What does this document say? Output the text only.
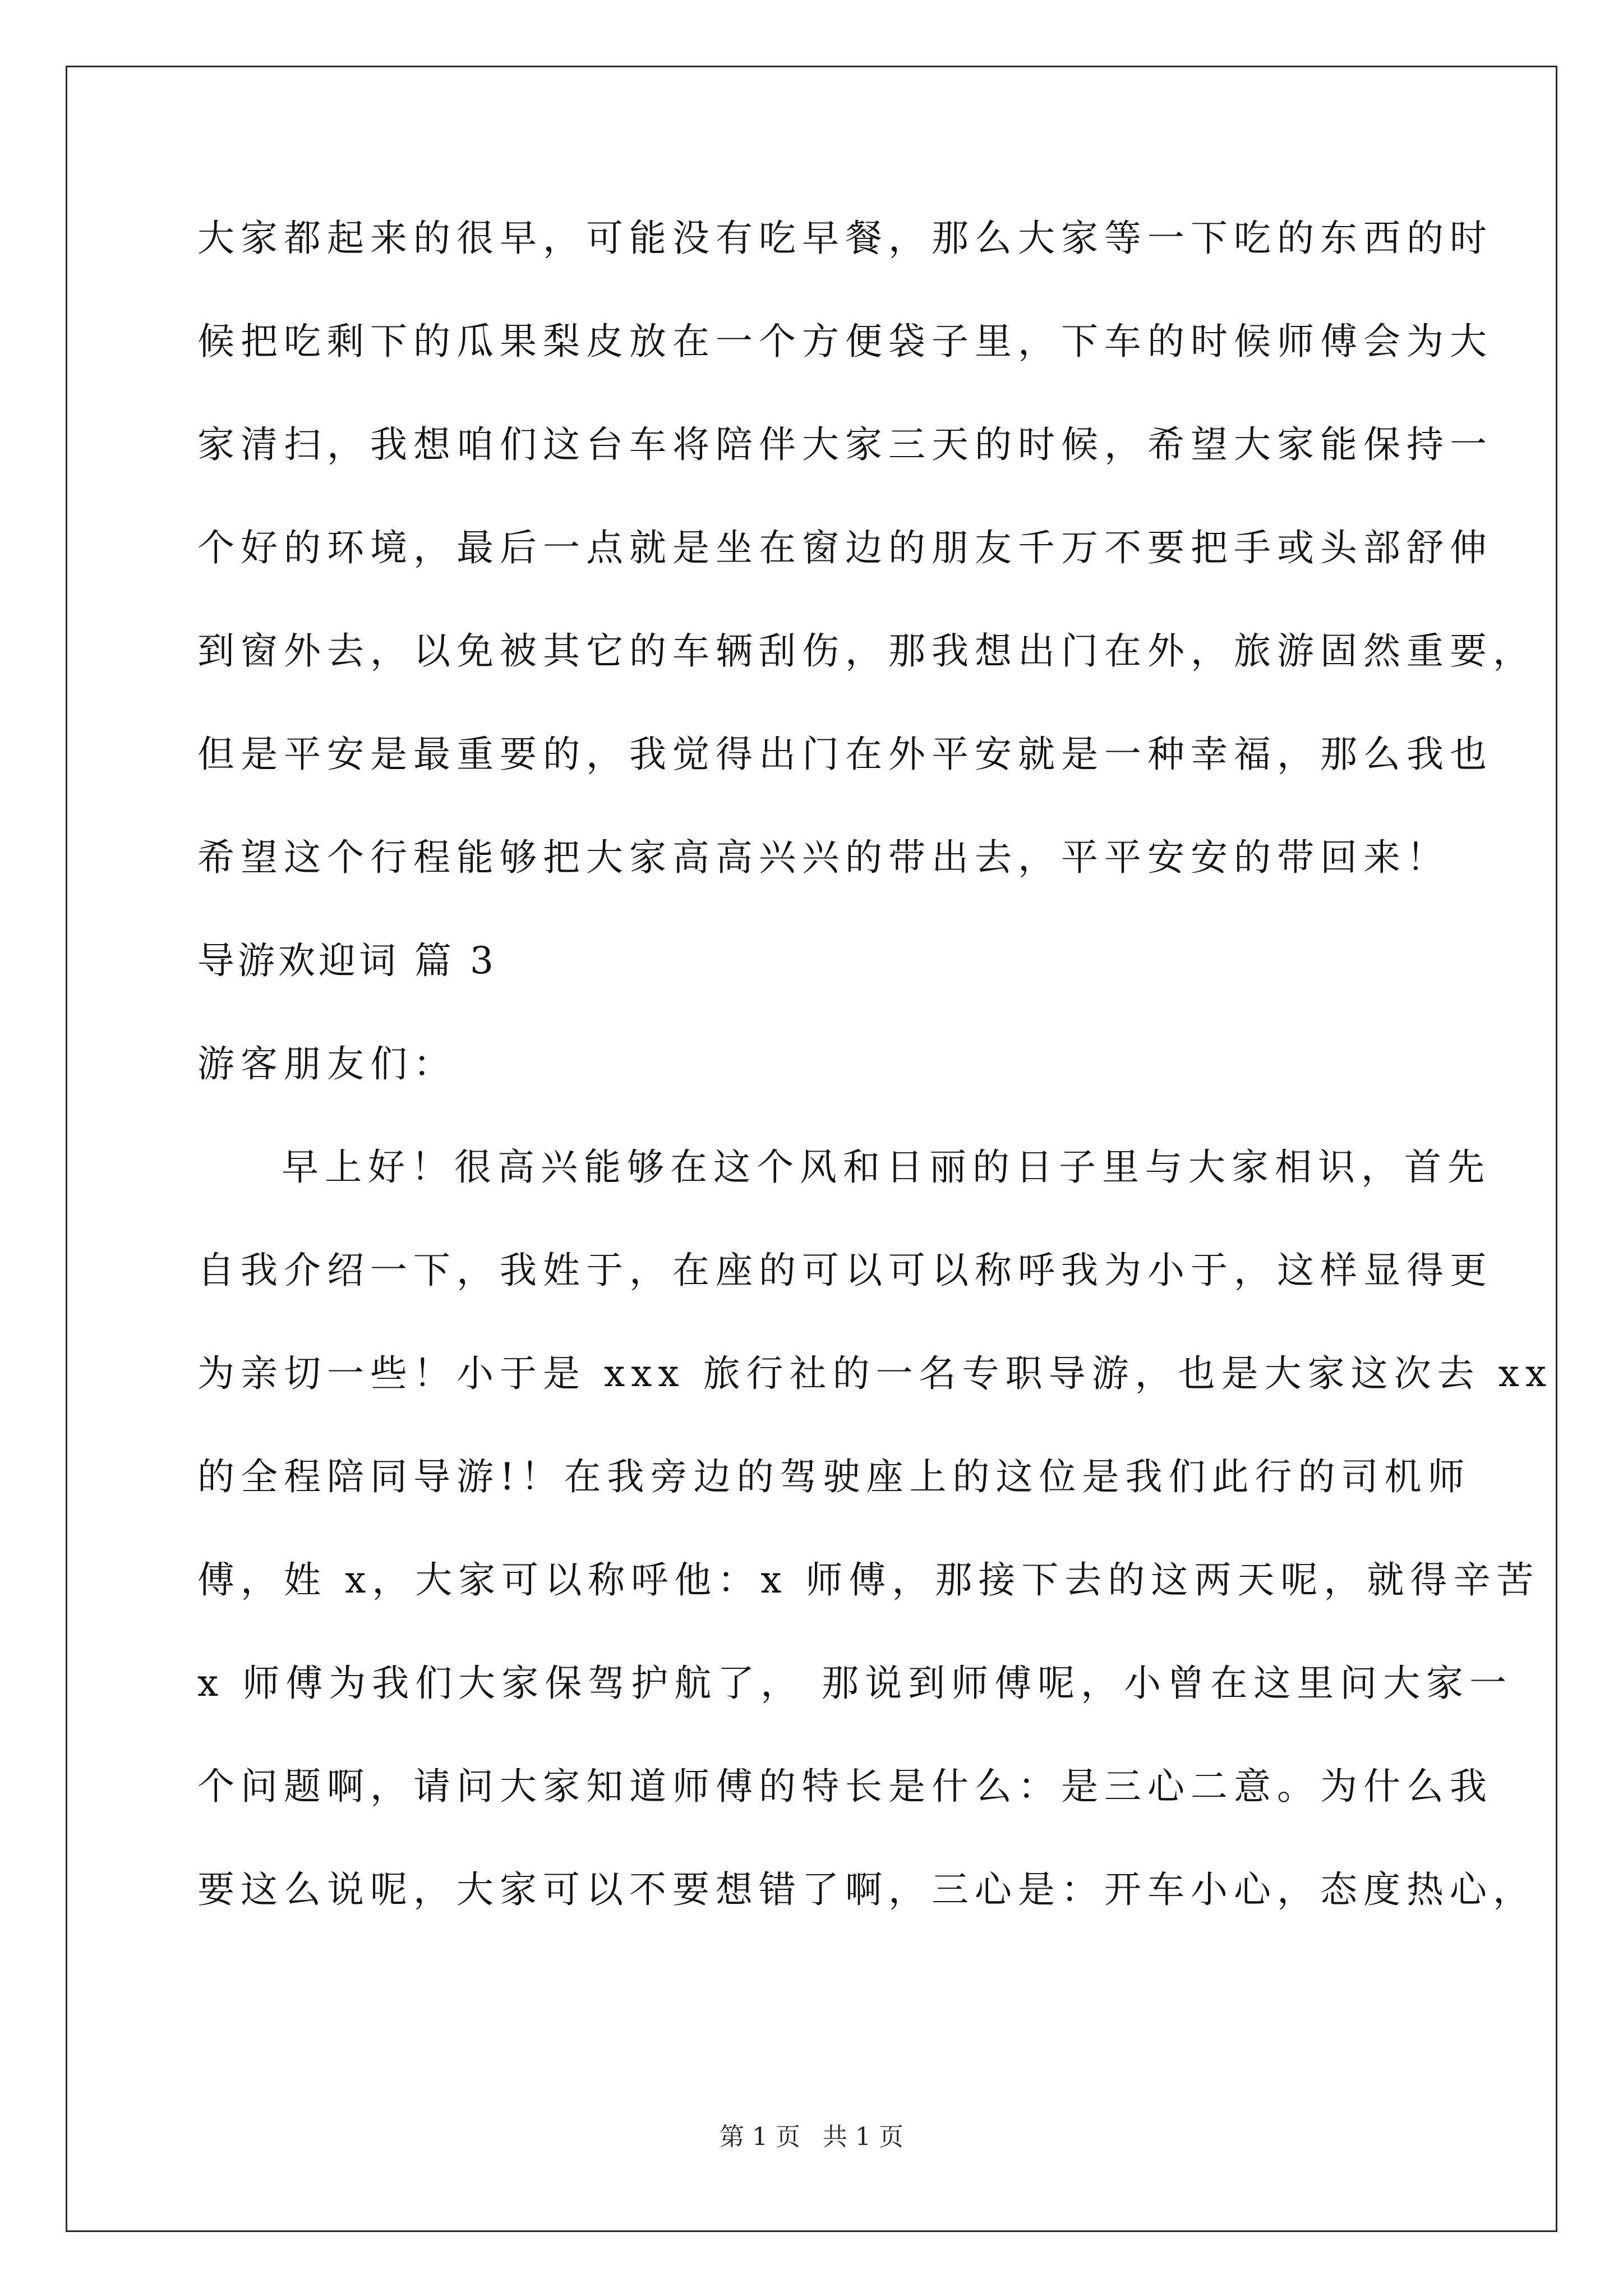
大家都起来的很早，可能没有吃早餐，那么大家等一下吃的东西的时
候把吃剩下的瓜果梨皮放在一个方便袋子里，下车的时候师傅会为大
家清扫，我想咱们这台车将陪伴大家三天的时候，希望大家能保持一
个好的环境，最后一点就是坐在窗边的朋友千万不要把手或头部舒伸
到窗外去，以免被其它的车辆刮伤，那我想出门在外，旅游固然重要，
但是平安是最重要的，我觉得出门在外平安就是一种幸福，那么我也
希望这个行程能够把大家高高兴兴的带出去，平平安安的带回来！
导游欢迎词 篇 3
游客朋友们：
早上好！很高兴能够在这个风和日丽的日子里与大家相识，首先
自我介绍一下，我姓于，在座的可以可以称呼我为小于，这样显得更
为亲切一些！小于是 xxx 旅行社的一名专职导游，也是大家这次去 xx
的全程陪同导游!！在我旁边的驾驶座上的这位是我们此行的司机师
傅，姓 x，大家可以称呼他：x 师傅，那接下去的这两天呢，就得辛苦
x 师傅为我们大家保驾护航了， 那说到师傅呢，小曾在这里问大家一
个问题啊，请问大家知道师傅的特长是什么：是三心二意。为什么我
要这么说呢，大家可以不要想错了啊，三心是：开车小心，态度热心，
第 1 页 共 1 页
